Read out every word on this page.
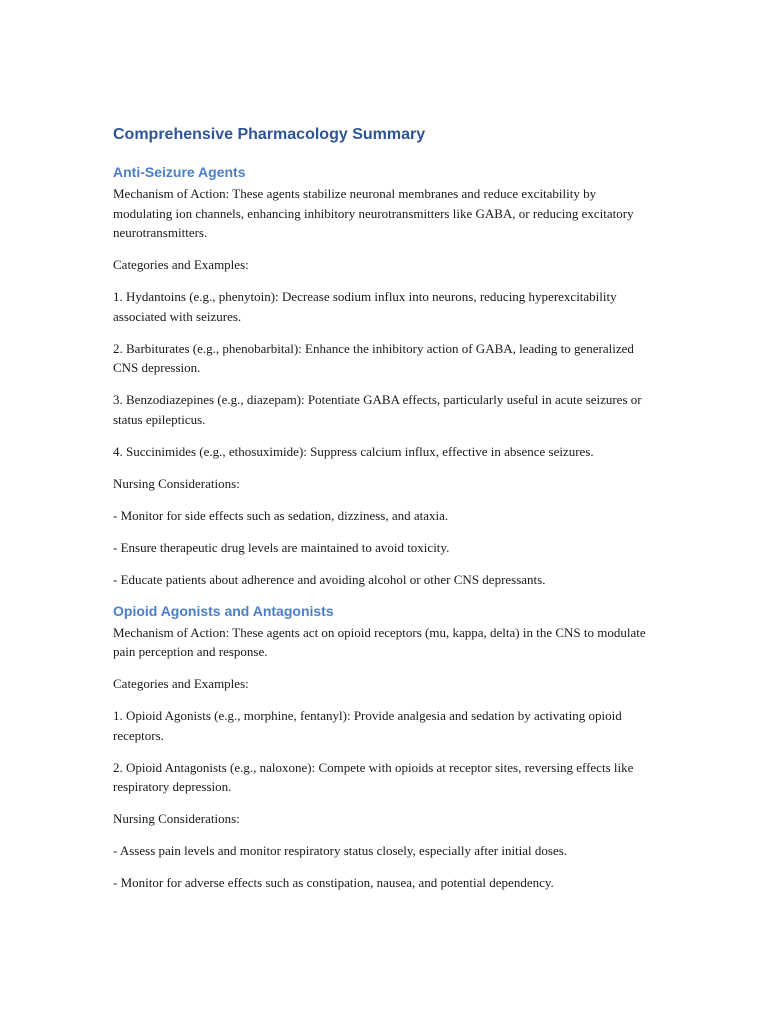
Comprehensive Pharmacology Summary
Anti-Seizure Agents

Mechanism of Action: These agents stabilize neuronal membranes and reduce excitability by modulating ion channels, enhancing inhibitory neurotransmitters like GABA, or reducing excitatory neurotransmitters.

Categories and Examples:

1. Hydantoins (e.g., phenytoin): Decrease sodium influx into neurons, reducing hyperexcitability associated with seizures.

2. Barbiturates (e.g., phenobarbital): Enhance the inhibitory action of GABA, leading to generalized CNS depression.

3. Benzodiazepines (e.g., diazepam): Potentiate GABA effects, particularly useful in acute seizures or status epilepticus.

4. Succinimides (e.g., ethosuximide): Suppress calcium influx, effective in absence seizures.

Nursing Considerations:

- Monitor for side effects such as sedation, dizziness, and ataxia.

- Ensure therapeutic drug levels are maintained to avoid toxicity.

- Educate patients about adherence and avoiding alcohol or other CNS depressants.

Opioid Agonists and Antagonists

Mechanism of Action: These agents act on opioid receptors (mu, kappa, delta) in the CNS to modulate pain perception and response.

Categories and Examples:

1. Opioid Agonists (e.g., morphine, fentanyl): Provide analgesia and sedation by activating opioid receptors.

2. Opioid Antagonists (e.g., naloxone): Compete with opioids at receptor sites, reversing effects like respiratory depression.

Nursing Considerations:

- Assess pain levels and monitor respiratory status closely, especially after initial doses.

- Monitor for adverse effects such as constipation, nausea, and potential dependency.
